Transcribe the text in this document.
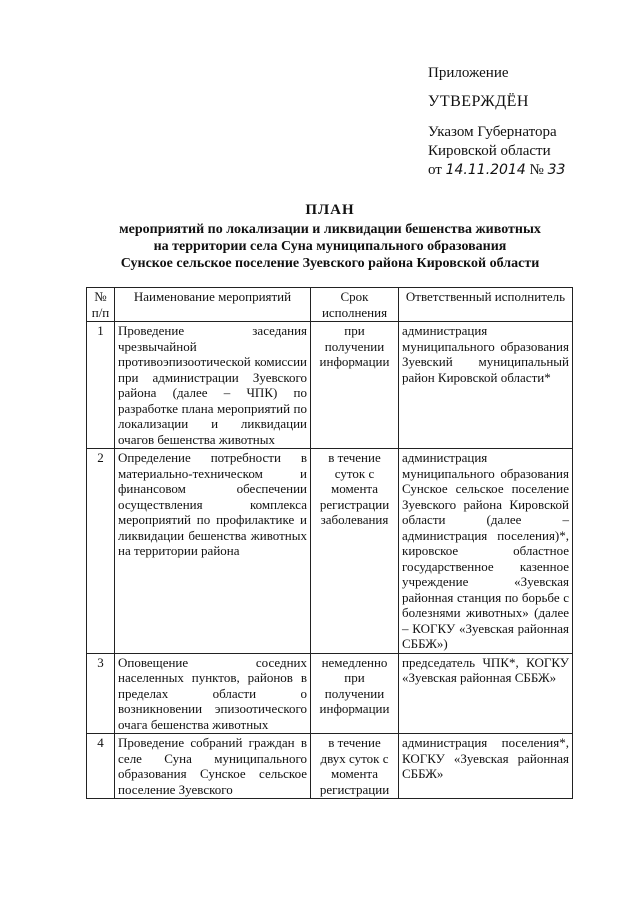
Приложение
УТВЕРЖДЁН
Указом Губернатора
Кировской области
от 14.11.2014 № 33
ПЛАН
мероприятий по локализации и ликвидации бешенства животных
на территории села Суна муниципального образования
Сунское сельское поселение Зуевского района Кировской области
№ п/п	Наименование мероприятий	Срок исполнения	Ответственный исполнитель
1	Проведение заседания чрезвычайной противоэпизоотической комиссии при администрации Зуевского района (далее – ЧПК) по разработке плана мероприятий по локализации и ликвидации очагов бешенства животных	при получении информации	администрация муниципального образования Зуевский муниципальный район Кировской области*
2	Определение потребности в материально-техническом и финансовом обеспечении осуществления комплекса мероприятий по профилактике и ликвидации бешенства животных на территории района	в течение суток с момента регистрации заболевания	администрация муниципального образования Сунское сельское поселение Зуевского района Кировской области (далее – администрация поселения)*, кировское областное государственное казенное учреждение «Зуевская районная станция по борьбе с болезнями животных» (далее – КОГКУ «Зуевская районная СББЖ»)
3	Оповещение соседних населенных пунктов, районов в пределах области о возникновении эпизоотического очага бешенства животных	немедленно при получении информации	председатель ЧПК*, КОГКУ «Зуевская районная СББЖ»
4	Проведение собраний граждан в селе Суна муниципального образования Сунское сельское поселение Зуевского	в течение двух суток с момента регистрации	администрация поселения*, КОГКУ «Зуевская районная СББЖ»
